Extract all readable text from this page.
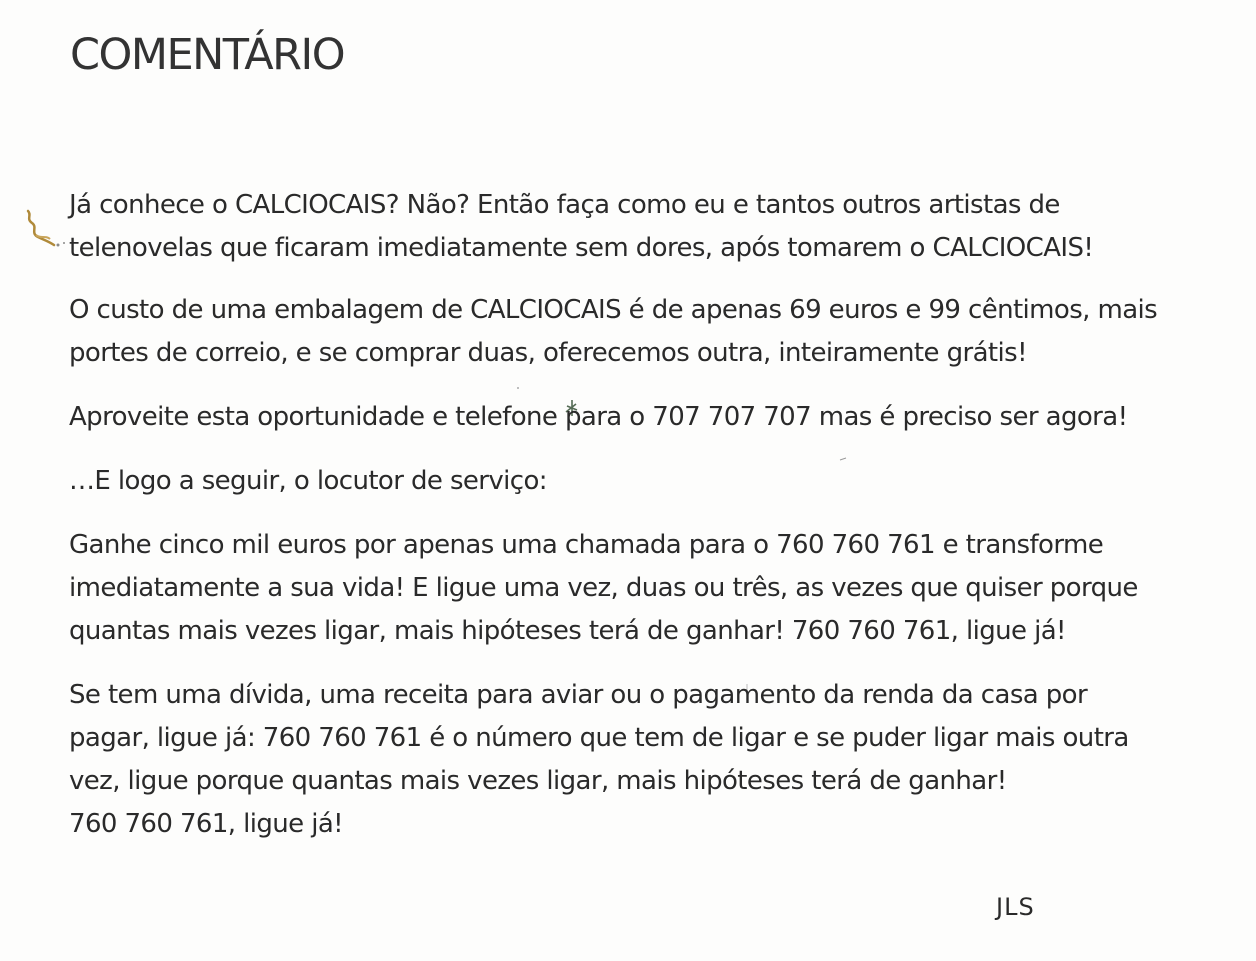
COMENTÁRIO

Já conhece o CALCIOCAIS? Não? Então faça como eu e tantos outros artistas de
telenovelas que ficaram imediatamente sem dores, após tomarem o CALCIOCAIS!

O custo de uma embalagem de CALCIOCAIS é de apenas 69 euros e 99 cêntimos, mais
portes de correio, e se comprar duas, oferecemos outra, inteiramente grátis!

Aproveite esta oportunidade e telefone para o 707 707 707 mas é preciso ser agora!

…E logo a seguir, o locutor de serviço:

Ganhe cinco mil euros por apenas uma chamada para o 760 760 761 e transforme
imediatamente a sua vida! E ligue uma vez, duas ou três, as vezes que quiser porque
quantas mais vezes ligar, mais hipóteses terá de ganhar! 760 760 761, ligue já!

Se tem uma dívida, uma receita para aviar ou o pagamento da renda da casa por
pagar, ligue já: 760 760 761 é o número que tem de ligar e se puder ligar mais outra
vez, ligue porque quantas mais vezes ligar, mais hipóteses terá de ganhar!
760 760 761, ligue já!

JLS
